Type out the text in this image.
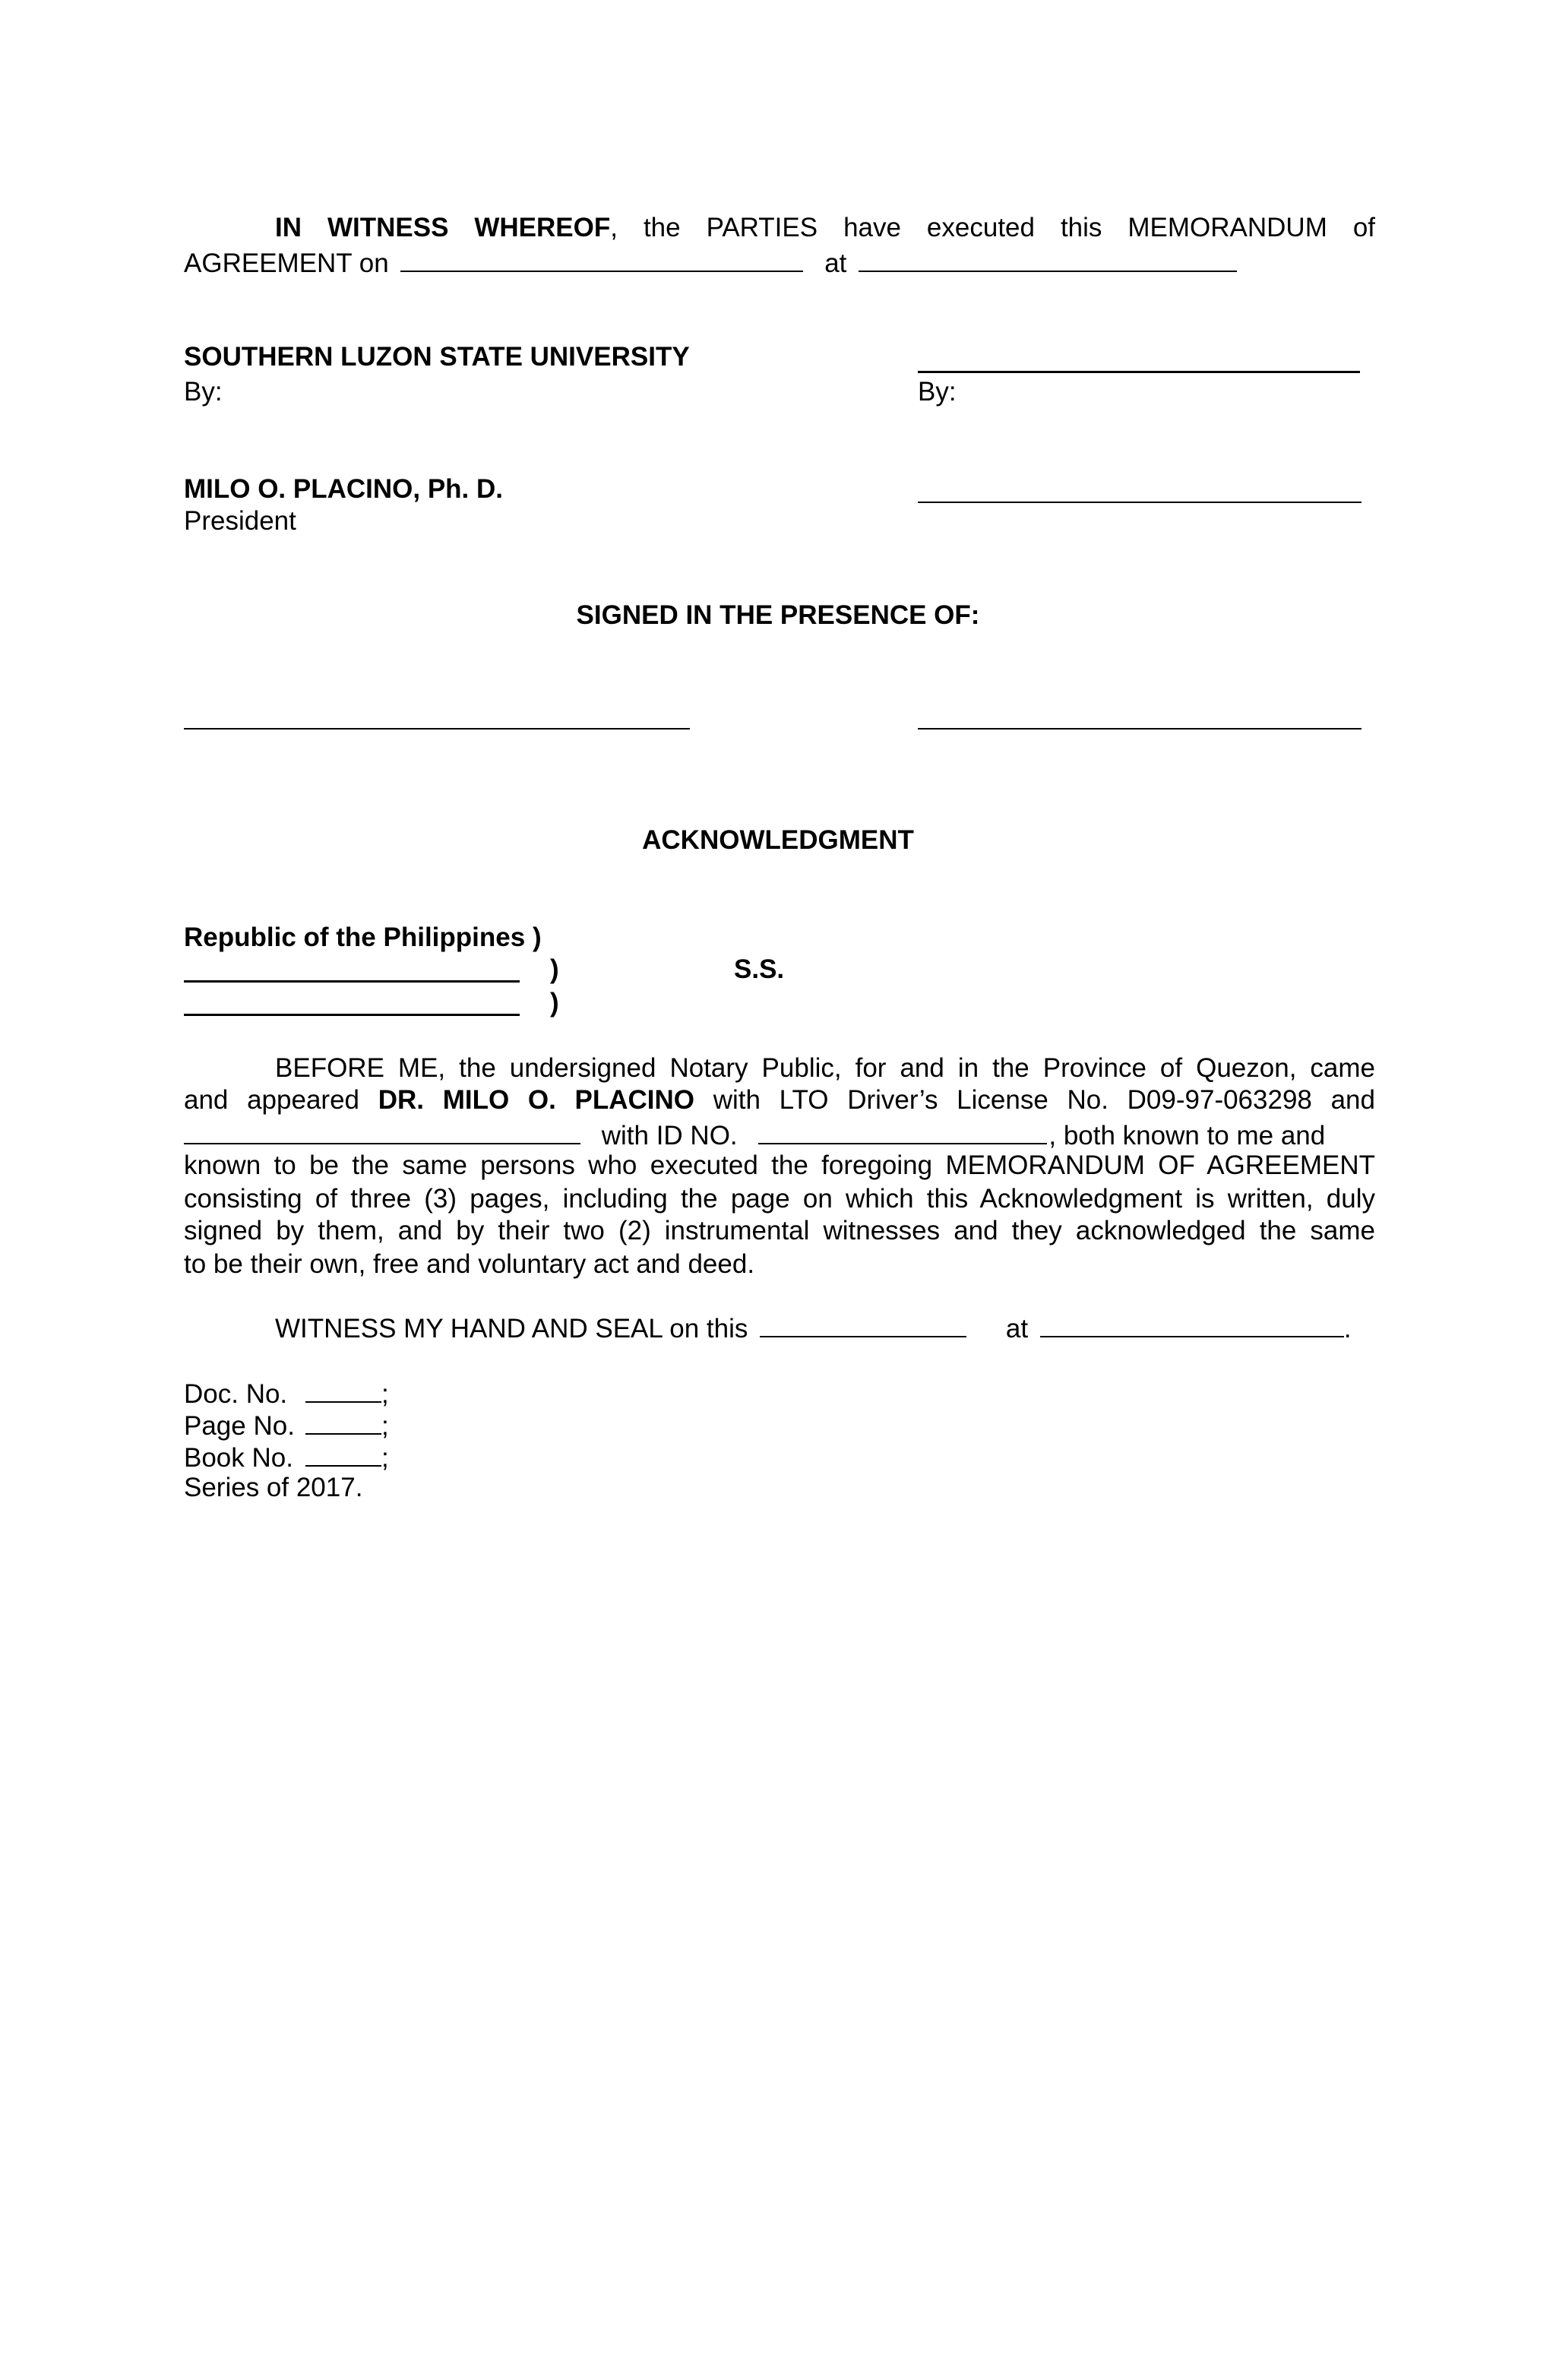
IN WITNESS WHEREOF, the PARTIES have executed this MEMORANDUM of
AGREEMENT on	at
SOUTHERN LUZON STATE UNIVERSITY
By:	By:
MILO O. PLACINO, Ph. D.
President
SIGNED IN THE PRESENCE OF:
ACKNOWLEDGMENT
Republic of the Philippines )
)	S.S.
)
BEFORE ME, the undersigned Notary Public, for and in the Province of Quezon, came
and appeared DR. MILO O. PLACINO with LTO Driver’s License No. D09-97-063298 and
with ID NO.	, both known to me and
known to be the same persons who executed the foregoing MEMORANDUM OF AGREEMENT
consisting of three (3) pages, including the page on which this Acknowledgment is written, duly
signed by them, and by their two (2) instrumental witnesses and they acknowledged the same
to be their own, free and voluntary act and deed.
WITNESS MY HAND AND SEAL on this	at	.
Doc. No.	;
Page No.	;
Book No.	;
Series of 2017.
